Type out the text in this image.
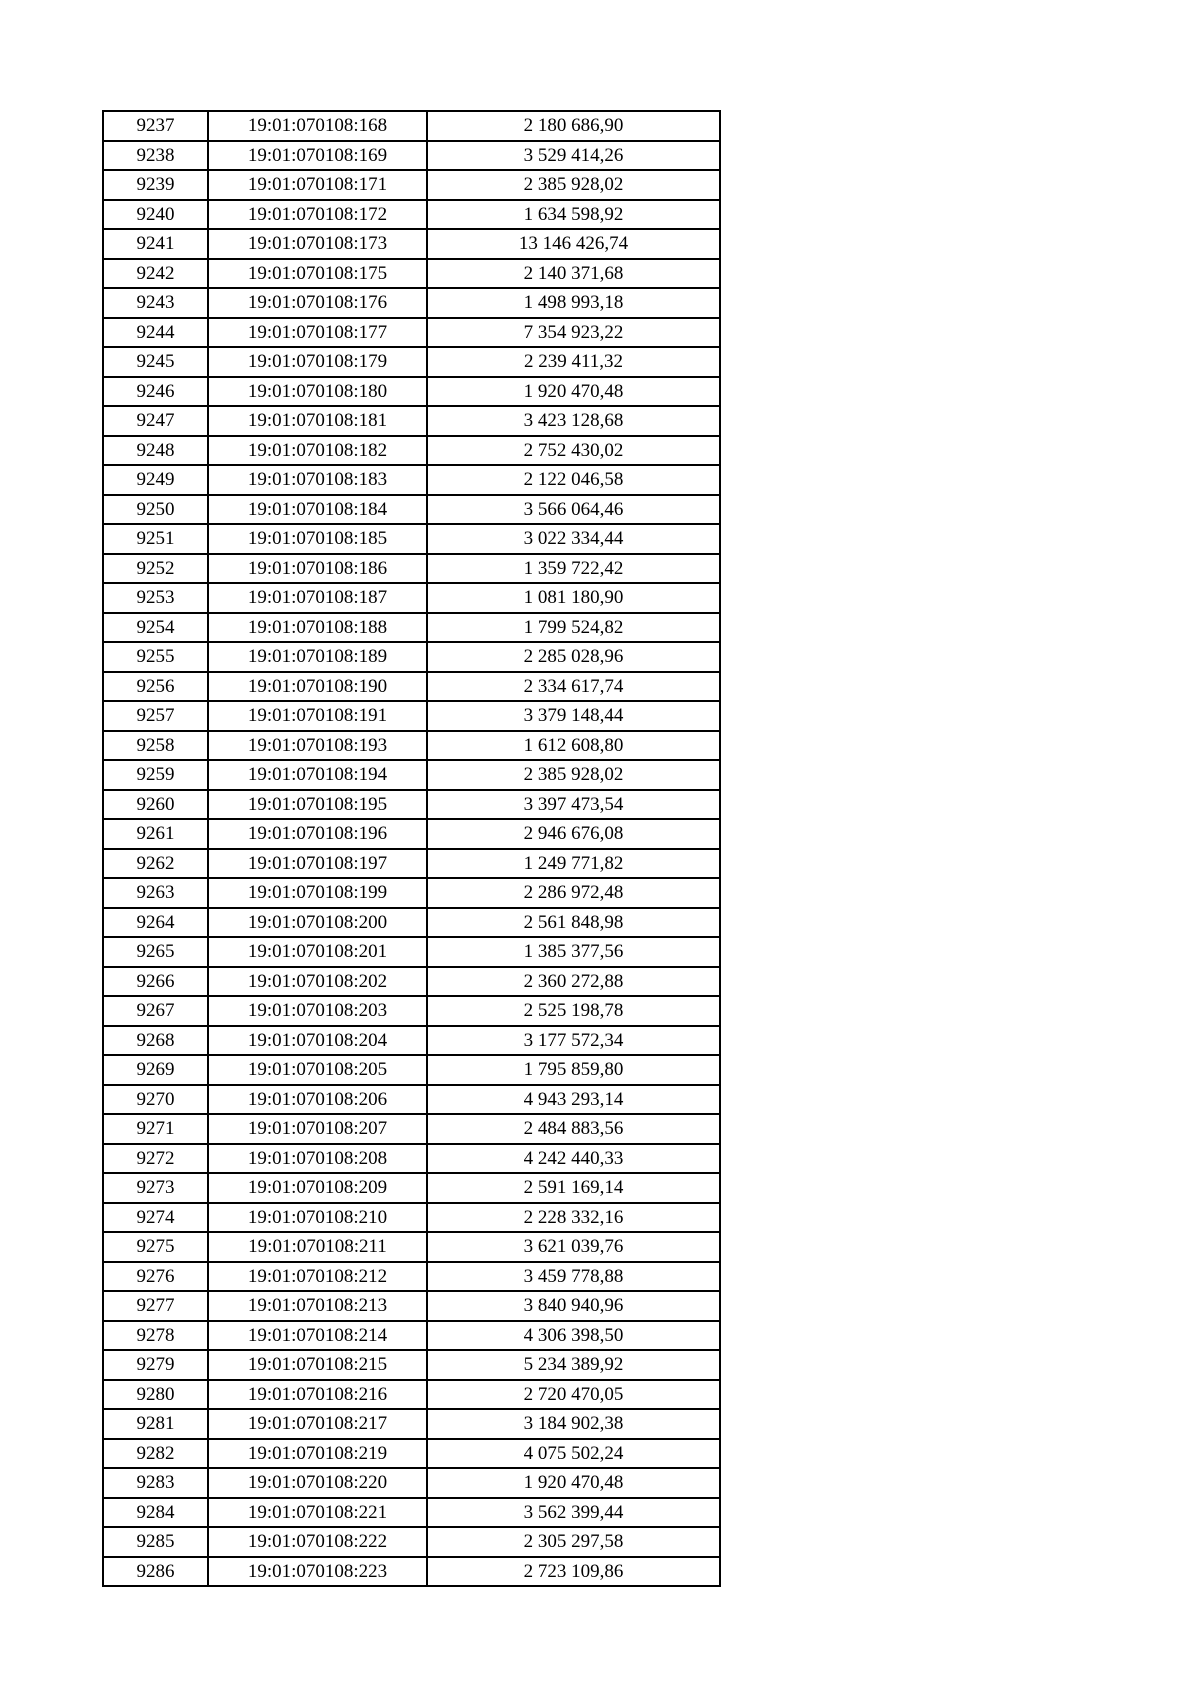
9237	19:01:070108:168	2 180 686,90
9238	19:01:070108:169	3 529 414,26
9239	19:01:070108:171	2 385 928,02
9240	19:01:070108:172	1 634 598,92
9241	19:01:070108:173	13 146 426,74
9242	19:01:070108:175	2 140 371,68
9243	19:01:070108:176	1 498 993,18
9244	19:01:070108:177	7 354 923,22
9245	19:01:070108:179	2 239 411,32
9246	19:01:070108:180	1 920 470,48
9247	19:01:070108:181	3 423 128,68
9248	19:01:070108:182	2 752 430,02
9249	19:01:070108:183	2 122 046,58
9250	19:01:070108:184	3 566 064,46
9251	19:01:070108:185	3 022 334,44
9252	19:01:070108:186	1 359 722,42
9253	19:01:070108:187	1 081 180,90
9254	19:01:070108:188	1 799 524,82
9255	19:01:070108:189	2 285 028,96
9256	19:01:070108:190	2 334 617,74
9257	19:01:070108:191	3 379 148,44
9258	19:01:070108:193	1 612 608,80
9259	19:01:070108:194	2 385 928,02
9260	19:01:070108:195	3 397 473,54
9261	19:01:070108:196	2 946 676,08
9262	19:01:070108:197	1 249 771,82
9263	19:01:070108:199	2 286 972,48
9264	19:01:070108:200	2 561 848,98
9265	19:01:070108:201	1 385 377,56
9266	19:01:070108:202	2 360 272,88
9267	19:01:070108:203	2 525 198,78
9268	19:01:070108:204	3 177 572,34
9269	19:01:070108:205	1 795 859,80
9270	19:01:070108:206	4 943 293,14
9271	19:01:070108:207	2 484 883,56
9272	19:01:070108:208	4 242 440,33
9273	19:01:070108:209	2 591 169,14
9274	19:01:070108:210	2 228 332,16
9275	19:01:070108:211	3 621 039,76
9276	19:01:070108:212	3 459 778,88
9277	19:01:070108:213	3 840 940,96
9278	19:01:070108:214	4 306 398,50
9279	19:01:070108:215	5 234 389,92
9280	19:01:070108:216	2 720 470,05
9281	19:01:070108:217	3 184 902,38
9282	19:01:070108:219	4 075 502,24
9283	19:01:070108:220	1 920 470,48
9284	19:01:070108:221	3 562 399,44
9285	19:01:070108:222	2 305 297,58
9286	19:01:070108:223	2 723 109,86
